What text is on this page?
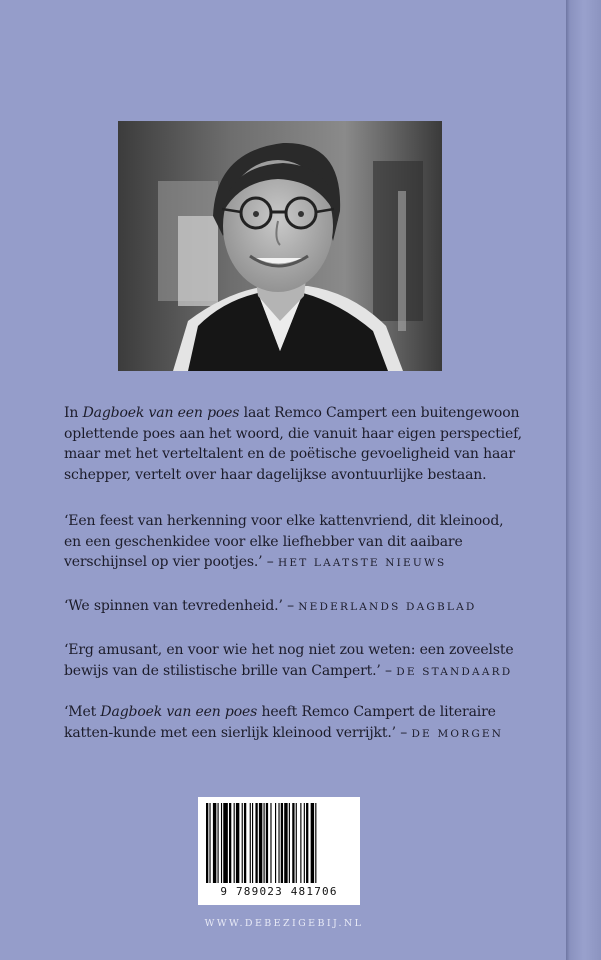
In Dagboek van een poes laat Remco Campert een buitengewoon oplettende poes aan het woord, die vanuit haar eigen perspectief, maar met het verteltalent en de poëtische gevoeligheid van haar schepper, vertelt over haar dagelijkse avontuurlijke bestaan.
‘Een feest van herkenning voor elke kattenvriend, dit kleinood, en een geschenkidee voor elke liefhebber van dit aaibare verschijnsel op vier pootjes.’ – HET LAATSTE NIEUWS
‘We spinnen van tevredenheid.’ – NEDERLANDS DAGBLAD
‘Erg amusant, en voor wie het nog niet zou weten: een zoveelste bewijs van de stilistische brille van Campert.’ – DE STANDAARD
‘Met Dagboek van een poes heeft Remco Campert de literaire katten-kunde met een sierlijk kleinood verrijkt.’ – DE MORGEN
9 789023 481706
WWW.DEBEZIGEBIJ.NL
